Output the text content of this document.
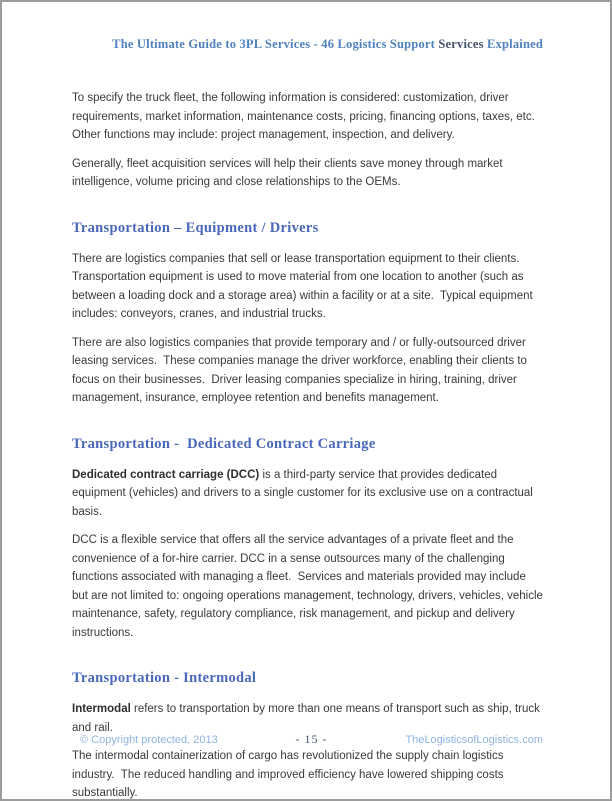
The Ultimate Guide to 3PL Services - 46 Logistics Support Services Explained

To specify the truck fleet, the following information is considered: customization, driver requirements, market information, maintenance costs, pricing, financing options, taxes, etc.  Other functions may include: project management, inspection, and delivery.

Generally, fleet acquisition services will help their clients save money through market intelligence, volume pricing and close relationships to the OEMs.

Transportation – Equipment / Drivers

There are logistics companies that sell or lease transportation equipment to their clients. Transportation equipment is used to move material from one location to another (such as between a loading dock and a storage area) within a facility or at a site.  Typical equipment includes: conveyors, cranes, and industrial trucks.

There are also logistics companies that provide temporary and / or fully-outsourced driver leasing services.  These companies manage the driver workforce, enabling their clients to focus on their businesses.  Driver leasing companies specialize in hiring, training, driver management, insurance, employee retention and benefits management.

Transportation -  Dedicated Contract Carriage

Dedicated contract carriage (DCC) is a third-party service that provides dedicated equipment (vehicles) and drivers to a single customer for its exclusive use on a contractual basis.

DCC is a flexible service that offers all the service advantages of a private fleet and the convenience of a for-hire carrier. DCC in a sense outsources many of the challenging functions associated with managing a fleet.  Services and materials provided may include but are not limited to: ongoing operations management, technology, drivers, vehicles, vehicle maintenance, safety, regulatory compliance, risk management, and pickup and delivery instructions.

Transportation - Intermodal

Intermodal refers to transportation by more than one means of transport such as ship, truck and rail.

The intermodal containerization of cargo has revolutionized the supply chain logistics industry.  The reduced handling and improved efficiency have lowered shipping costs substantially.

© Copyright protected, 2013	- 15 -	TheLogisticsofLogistics.com
